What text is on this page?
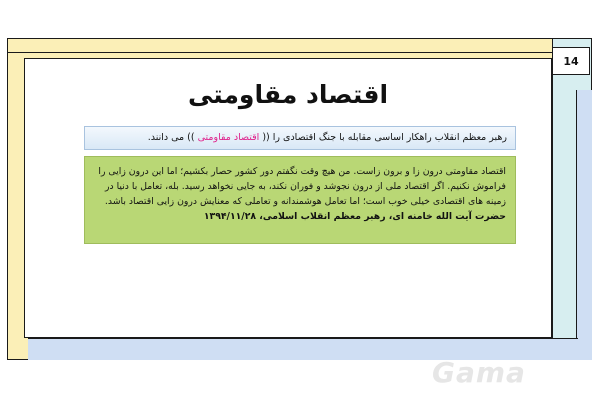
14
اقتصاد مقاومتی
رهبر معظم انقلاب راهکار اساسی مقابله با جنگ اقتصادی را (( اقتصاد مقاومتی )) می دانند.

اقتصاد مقاومتی درون زا و برون زاست. من هیچ وقت نگفتم دور کشور حصار بکشیم؛ اما این درون زایی را

فراموش نکنیم. اگر اقتصاد ملی از درون نجوشد و فوران نکند، به جایی نخواهد رسید. بله، تعامل با دنیا در

زمینه های اقتصادی خیلی خوب است؛ اما تعامل هوشمندانه و تعاملی که معنایش درون زایی اقتصاد باشد.

حضرت آیت الله خامنه ای، رهبر معظم انقلاب اسلامی، ۱۳۹۴/۱۱/۲۸

Gama
